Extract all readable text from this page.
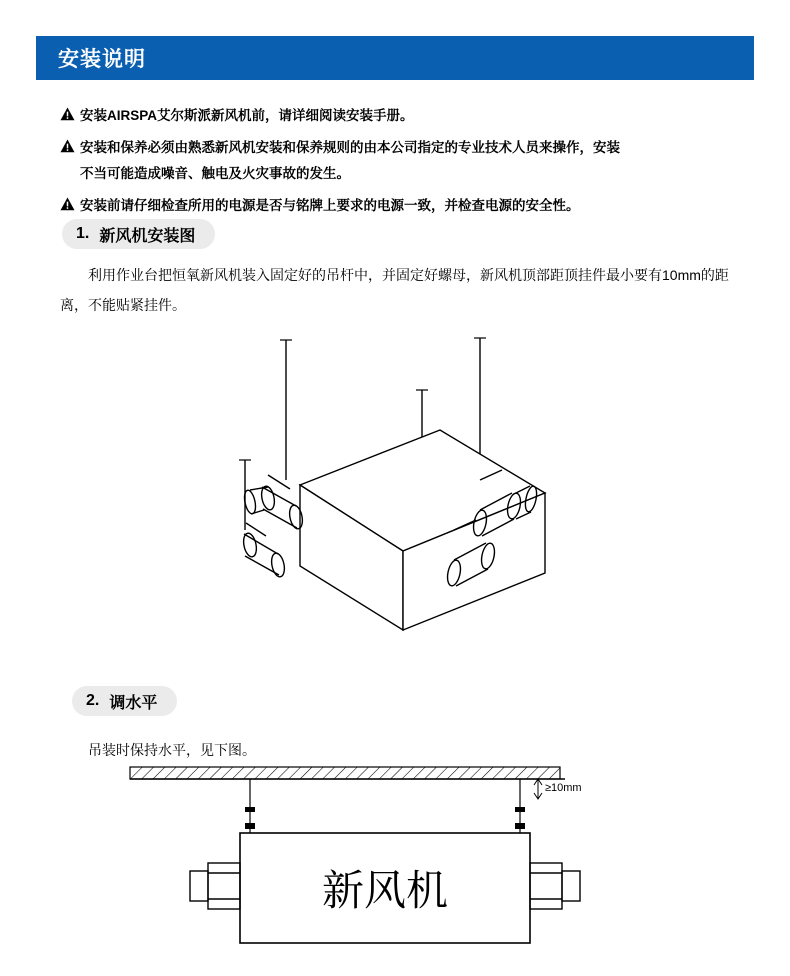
安装说明
安装AIRSPA艾尔斯派新风机前，请详细阅读安装手册。
安装和保养必须由熟悉新风机安装和保养规则的由本公司指定的专业技术人员来操作，安装
不当可能造成噪音、触电及火灾事故的发生。
安装前请仔细检查所用的电源是否与铭牌上要求的电源一致，并检查电源的安全性。
1. 新风机安装图
利用作业台把恒氧新风机装入固定好的吊杆中，并固定好螺母，新风机顶部距顶挂件最小要有10mm的距离，不能贴紧挂件。
2. 调水平
吊装时保持水平，见下图。
≥10mm
新风机
